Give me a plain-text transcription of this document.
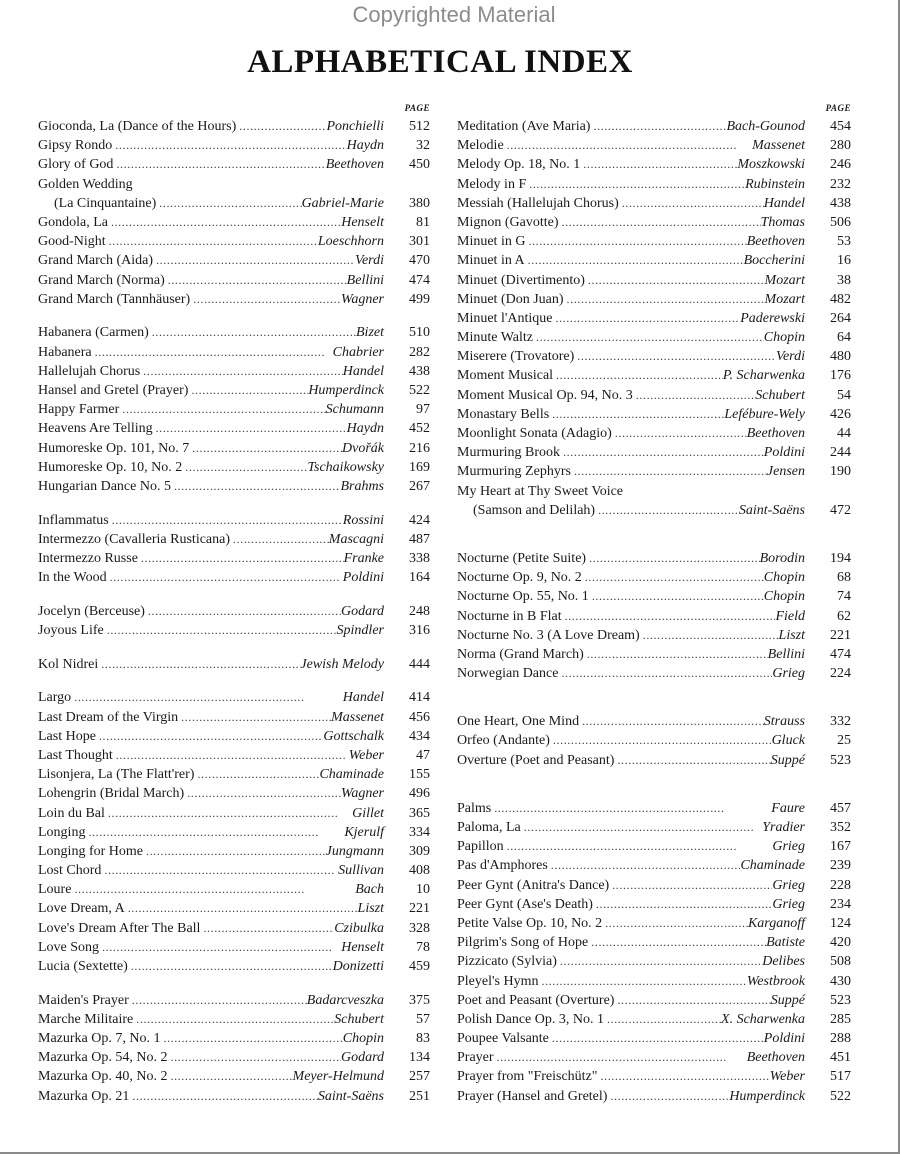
Copyrighted Material
ALPHABETICAL INDEX
PAGE
Gioconda, La (Dance of the Hours) . . .	Ponchielli	512
Gipsy Rondo . . .	Haydn	32
Glory of God . . .	Beethoven	450
Golden Wedding
(La Cinquantaine) . . .	Gabriel-Marie	380
Gondola, La . . .	Henselt	81
Good-Night . . .	Loeschhorn	301
Grand March (Aida) . . .	Verdi	470
Grand March (Norma) . . .	Bellini	474
Grand March (Tannhäuser) . . .	Wagner	499
Habanera (Carmen) . . .	Bizet	510
Habanera . . .	Chabrier	282
Hallelujah Chorus . . .	Handel	438
Hansel and Gretel (Prayer) . . .	Humperdinck	522
Happy Farmer . . .	Schumann	97
Heavens Are Telling . . .	Haydn	452
Humoreske Op. 101, No. 7 . . .	Dvořák	216
Humoreske Op. 10, No. 2 . . .	Tschaikowsky	169
Hungarian Dance No. 5 . . .	Brahms	267
Inflammatus . . .	Rossini	424
Intermezzo (Cavalleria Rusticana) . . .	Mascagni	487
Intermezzo Russe . . .	Franke	338
In the Wood . . .	Poldini	164
Jocelyn (Berceuse) . . .	Godard	248
Joyous Life . . .	Spindler	316
Kol Nidrei . . .	Jewish Melody	444
Largo . . .	Handel	414
Last Dream of the Virgin . . .	Massenet	456
Last Hope . . .	Gottschalk	434
Last Thought . . .	Weber	47
Lisonjera, La (The Flatt'rer) . . .	Chaminade	155
Lohengrin (Bridal March) . . .	Wagner	496
Loin du Bal . . .	Gillet	365
Longing . . .	Kjerulf	334
Longing for Home . . .	Jungmann	309
Lost Chord . . .	Sullivan	408
Loure . . .	Bach	10
Love Dream, A . . .	Liszt	221
Love's Dream After The Ball . . .	Czibulka	328
Love Song . . .	Henselt	78
Lucia (Sextette) . . .	Donizetti	459
Maiden's Prayer . . .	Badarcveszka	375
Marche Militaire . . .	Schubert	57
Mazurka Op. 7, No. 1 . . .	Chopin	83
Mazurka Op. 54, No. 2 . . .	Godard	134
Mazurka Op. 40, No. 2 . . .	Meyer-Helmund	257
Mazurka Op. 21 . . .	Saint-Saëns	251
PAGE
Meditation (Ave Maria) . . .	Bach-Gounod	454
Melodie . . .	Massenet	280
Melody Op. 18, No. 1 . . .	Moszkowski	246
Melody in F . . .	Rubinstein	232
Messiah (Hallelujah Chorus) . . .	Handel	438
Mignon (Gavotte) . . .	Thomas	506
Minuet in G . . .	Beethoven	53
Minuet in A . . .	Boccherini	16
Minuet (Divertimento) . . .	Mozart	38
Minuet (Don Juan) . . .	Mozart	482
Minuet l'Antique . . .	Paderewski	264
Minute Waltz . . .	Chopin	64
Miserere (Trovatore) . . .	Verdi	480
Moment Musical . . .	P. Scharwenka	176
Moment Musical Op. 94, No. 3 . . .	Schubert	54
Monastary Bells . . .	Lefébure-Wely	426
Moonlight Sonata (Adagio) . . .	Beethoven	44
Murmuring Brook . . .	Poldini	244
Murmuring Zephyrs . . .	Jensen	190
My Heart at Thy Sweet Voice
(Samson and Delilah) . . .	Saint-Saëns	472
Nocturne (Petite Suite) . . .	Borodin	194
Nocturne Op. 9, No. 2 . . .	Chopin	68
Nocturne Op. 55, No. 1 . . .	Chopin	74
Nocturne in B Flat . . .	Field	62
Nocturne No. 3 (A Love Dream) . . .	Liszt	221
Norma (Grand March) . . .	Bellini	474
Norwegian Dance . . .	Grieg	224
One Heart, One Mind . . .	Strauss	332
Orfeo (Andante) . . .	Gluck	25
Overture (Poet and Peasant) . . .	Suppé	523
Palms . . .	Faure	457
Paloma, La . . .	Yradier	352
Papillon . . .	Grieg	167
Pas d'Amphores . . .	Chaminade	239
Peer Gynt (Anitra's Dance) . . .	Grieg	228
Peer Gynt (Ase's Death) . . .	Grieg	234
Petite Valse Op. 10, No. 2 . . .	Karganoff	124
Pilgrim's Song of Hope . . .	Batiste	420
Pizzicato (Sylvia) . . .	Delibes	508
Pleyel's Hymn . . .	Westbrook	430
Poet and Peasant (Overture) . . .	Suppé	523
Polish Dance Op. 3, No. 1 . . .	X. Scharwenka	285
Poupee Valsante . . .	Poldini	288
Prayer . . .	Beethoven	451
Prayer from "Freischütz" . . .	Weber	517
Prayer (Hansel and Gretel) . . .	Humperdinck	522
